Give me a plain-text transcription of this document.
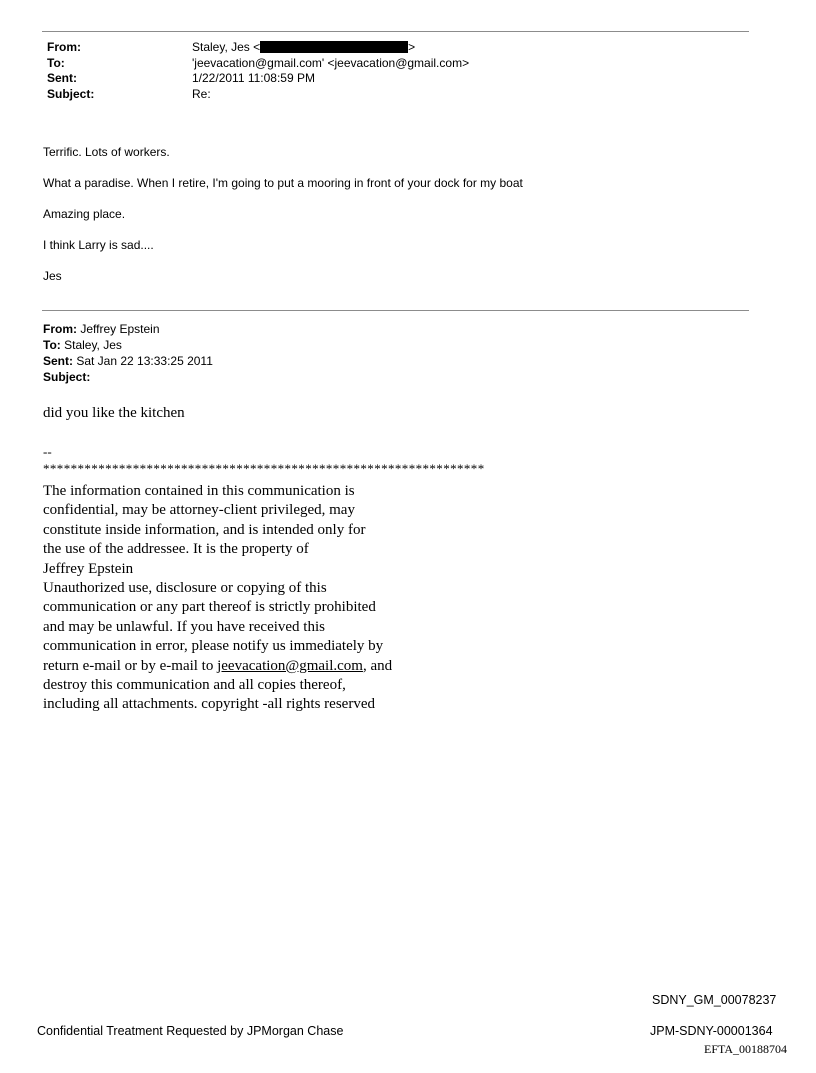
From:	Staley, Jes <	>
To:	'jeevacation@gmail.com' <jeevacation@gmail.com>
Sent:	1/22/2011 11:08:59 PM
Subject:	Re:

Terrific. Lots of workers.

What a paradise. When I retire, I'm going to put a mooring in front of your dock for my boat

Amazing place.

I think Larry is sad....

Jes

From: Jeffrey Epstein
To: Staley, Jes
Sent: Sat Jan 22 13:33:25 2011
Subject:
did you like the kitchen
--
****************************************************************
The information contained in this communication is
confidential, may be attorney-client privileged, may
constitute inside information, and is intended only for
the use of the addressee. It is the property of
Jeffrey Epstein
Unauthorized use, disclosure or copying of this
communication or any part thereof is strictly prohibited
and may be unlawful. If you have received this
communication in error, please notify us immediately by
return e-mail or by e-mail to jeevacation@gmail.com, and
destroy this communication and all copies thereof,
including all attachments. copyright -all rights reserved
SDNY_GM_00078237
Confidential Treatment Requested by JPMorgan Chase	JPM-SDNY-00001364
EFTA_00188704
